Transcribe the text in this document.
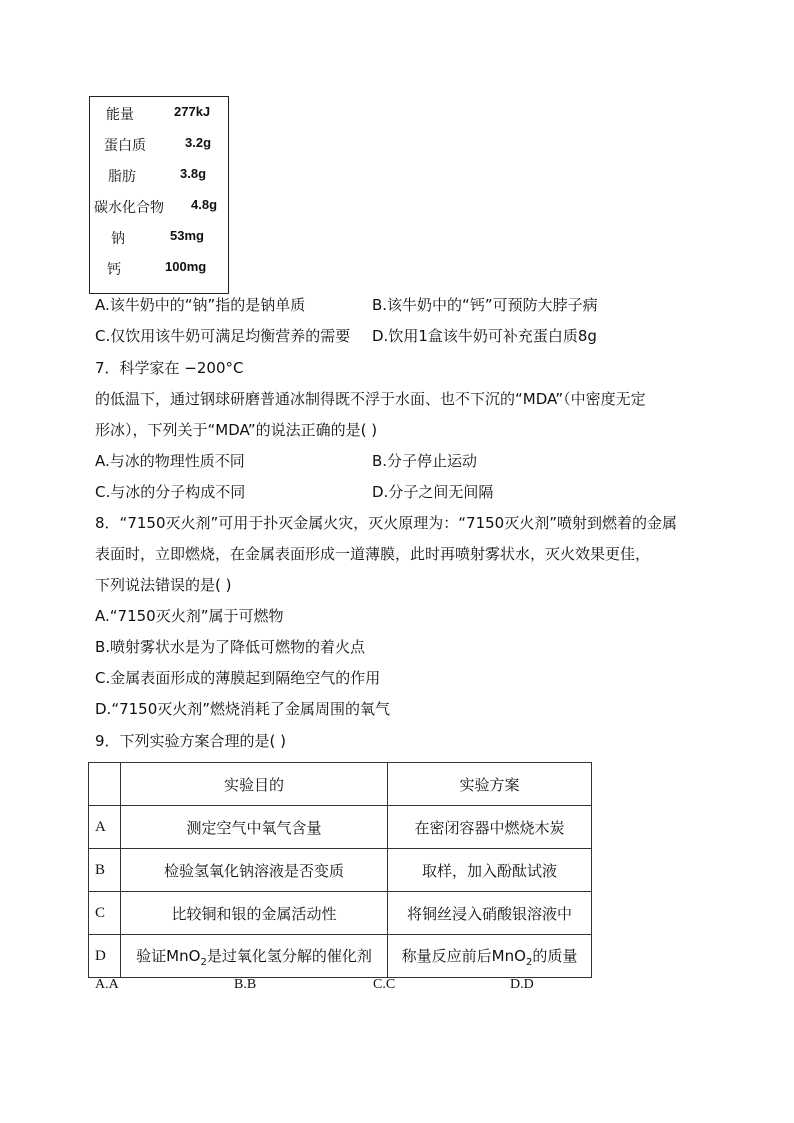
能量	277kJ
蛋白质	3.2g
脂肪	3.8g
碳水化合物 4.8g
钠	53mg
钙	100mg
A.该牛奶中的“钠”指的是钠单质	B.该牛奶中的“钙”可预防大脖子病
C.仅饮用该牛奶可满足均衡营养的需要 D.饮用1盒该牛奶可补充蛋白质8g
7．科学家在 −200°C
的低温下，通过钢球研磨普通冰制得既不浮于水面、也不下沉的“MDA”（中密度无定
形冰），下列关于“MDA”的说法正确的是( )
A.与冰的物理性质不同	B.分子停止运动
C.与冰的分子构成不同	D.分子之间无间隔
8．“7150灭火剂”可用于扑灭金属火灾，灭火原理为：“7150灭火剂”喷射到燃着的金属
表面时，立即燃烧，在金属表面形成一道薄膜，此时再喷射雾状水，灭火效果更佳，
下列说法错误的是( )
A.“7150灭火剂”属于可燃物
B.喷射雾状水是为了降低可燃物的着火点
C.金属表面形成的薄膜起到隔绝空气的作用
D.“7150灭火剂”燃烧消耗了金属周围的氧气
9．下列实验方案合理的是( )
	实验目的	实验方案
A	测定空气中氧气含量	在密闭容器中燃烧木炭
B	检验氢氧化钠溶液是否变质	取样，加入酚酞试液
C	比较铜和银的金属活动性	将铜丝浸入硝酸银溶液中
D	验证MnO$_2$是过氧化氢分解的催化剂	称量反应前后MnO$_2$的质量
A.A	B.B	C.C	D.D
